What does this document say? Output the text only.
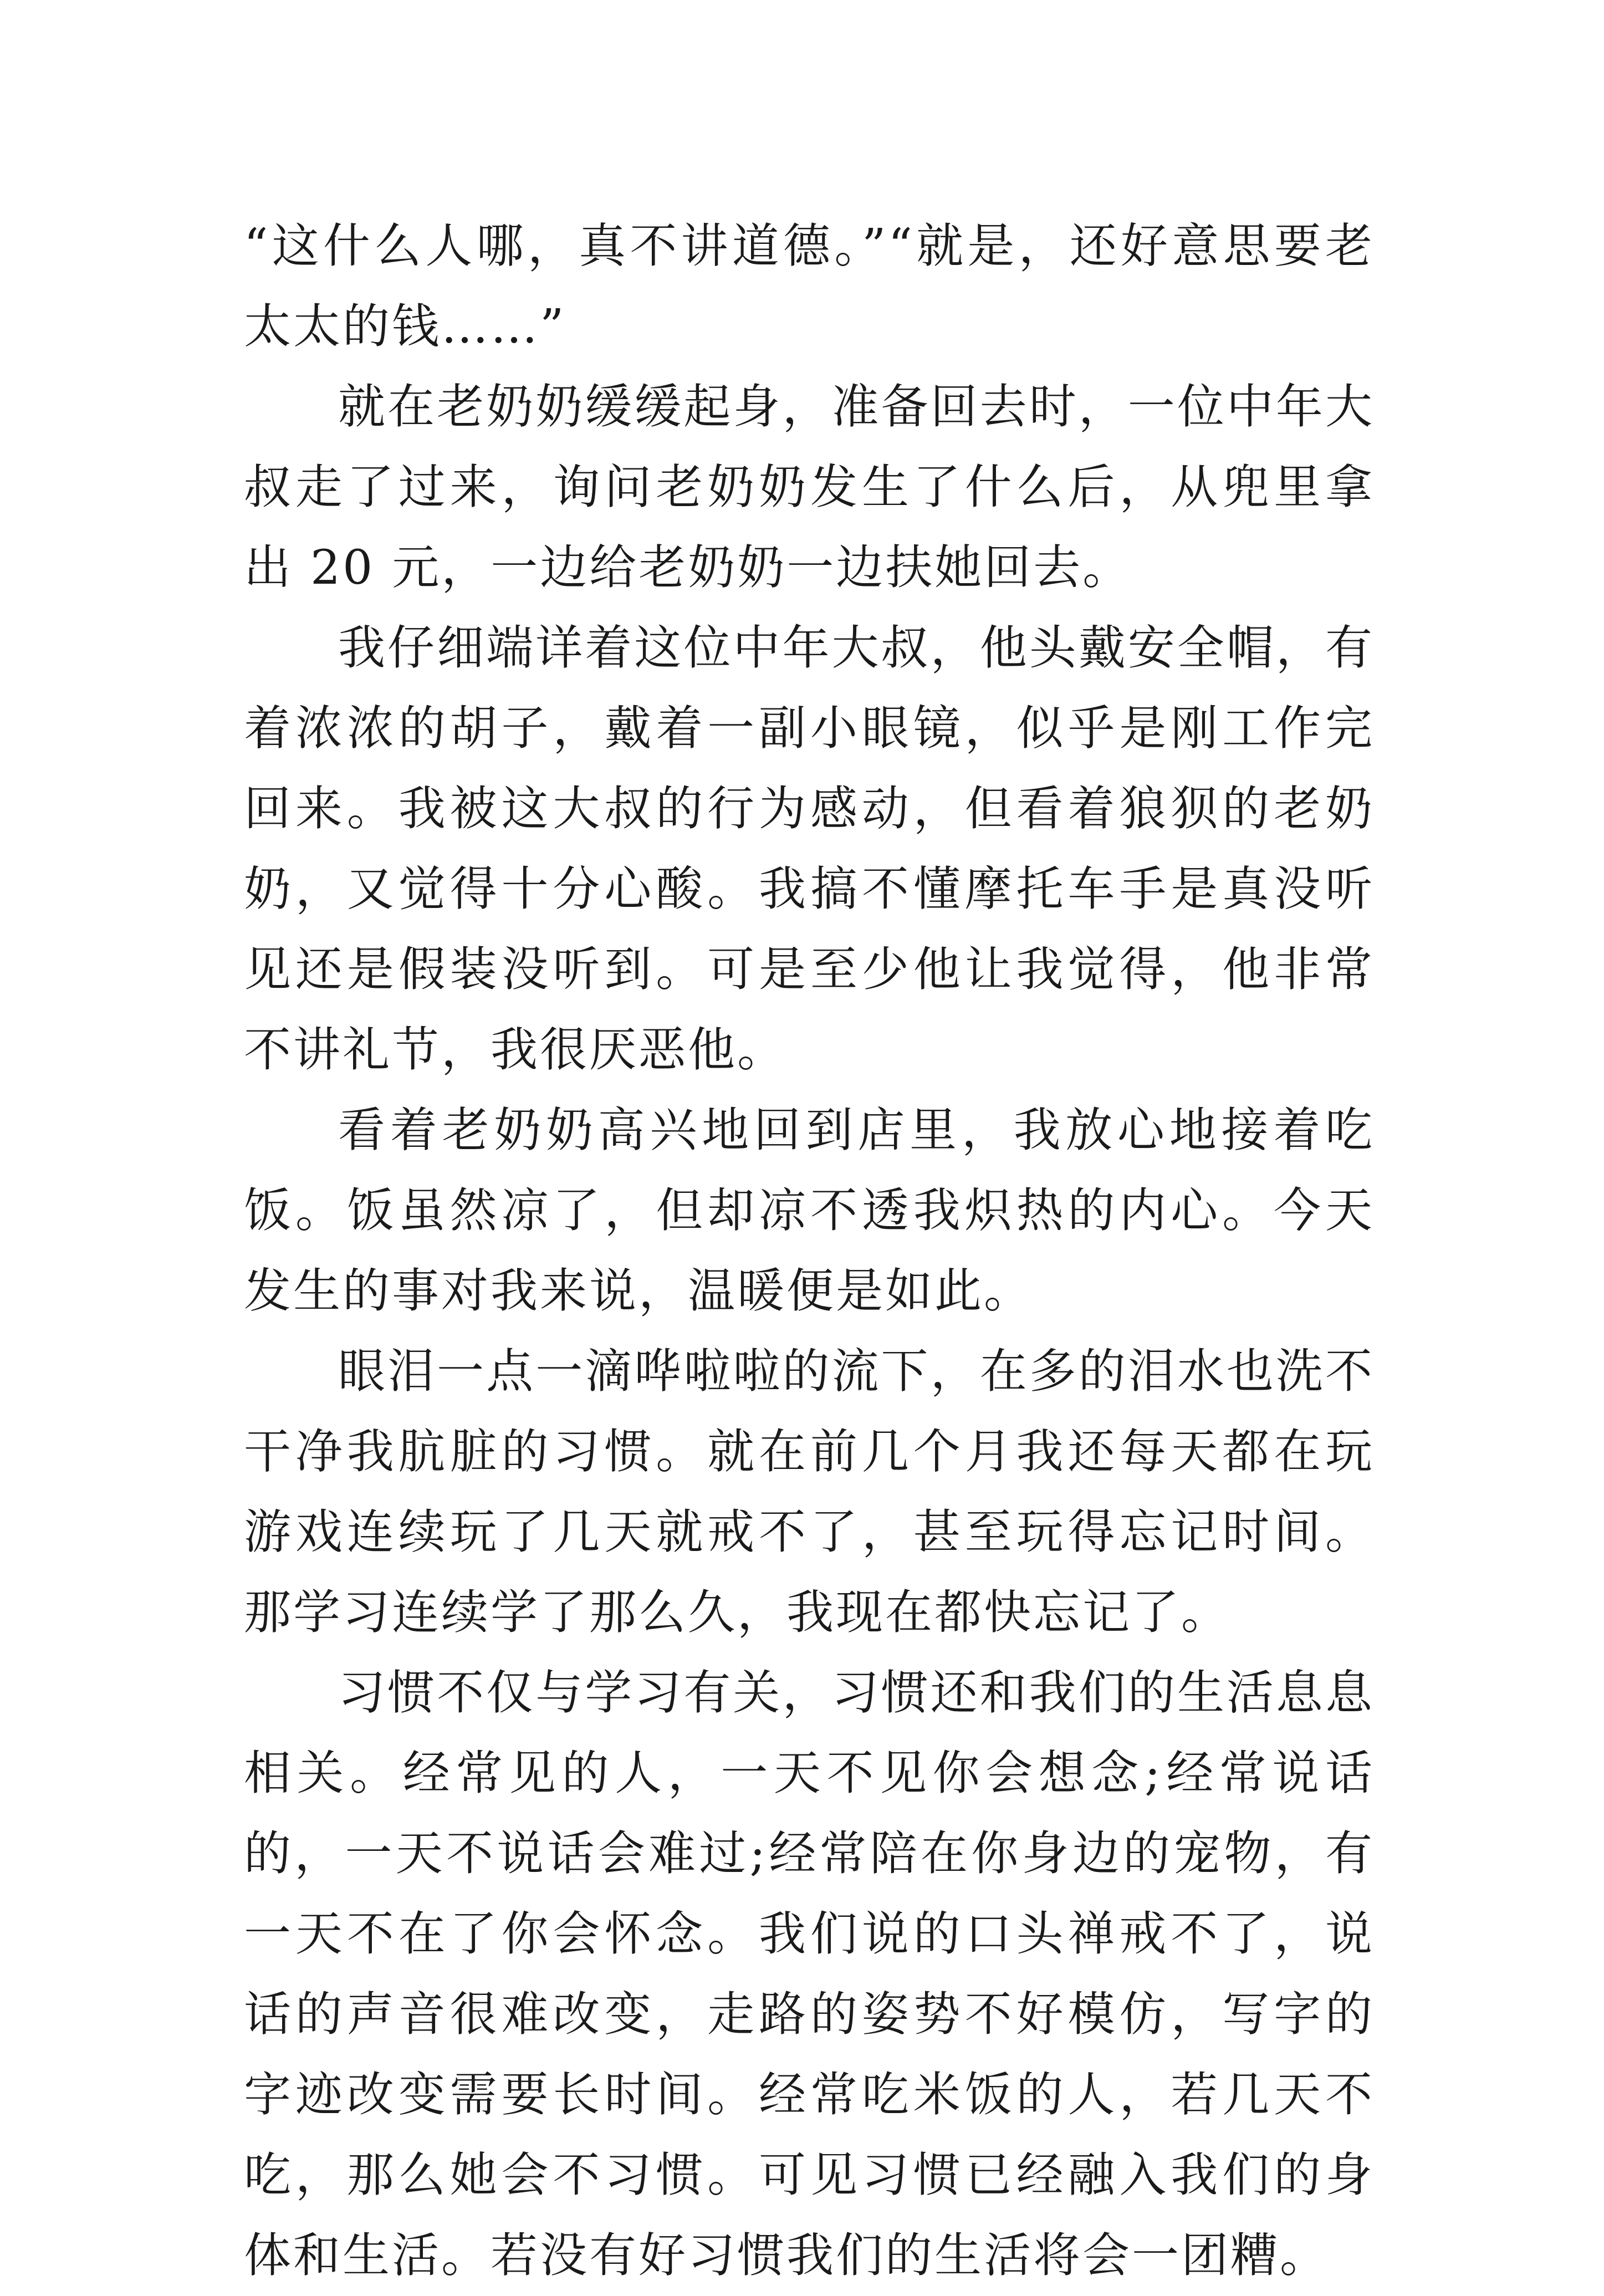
“这什么人哪，真不讲道德。”“就是，还好意思要老太太的钱……”

就在老奶奶缓缓起身，准备回去时，一位中年大叔走了过来，询问老奶奶发生了什么后，从兜里拿出 20 元，一边给老奶奶一边扶她回去。

我仔细端详着这位中年大叔，他头戴安全帽，有着浓浓的胡子，戴着一副小眼镜，似乎是刚工作完回来。我被这大叔的行为感动，但看着狼狈的老奶奶，又觉得十分心酸。我搞不懂摩托车手是真没听见还是假装没听到。可是至少他让我觉得，他非常不讲礼节，我很厌恶他。

看着老奶奶高兴地回到店里，我放心地接着吃饭。饭虽然凉了，但却凉不透我炽热的内心。今天发生的事对我来说，温暖便是如此。

眼泪一点一滴哗啦啦的流下，在多的泪水也洗不干净我肮脏的习惯。就在前几个月我还每天都在玩游戏连续玩了几天就戒不了，甚至玩得忘记时间。那学习连续学了那么久，我现在都快忘记了。

习惯不仅与学习有关，习惯还和我们的生活息息相关。经常见的人，一天不见你会想念;经常说话的，一天不说话会难过;经常陪在你身边的宠物，有一天不在了你会怀念。我们说的口头禅戒不了，说话的声音很难改变，走路的姿势不好模仿，写字的字迹改变需要长时间。经常吃米饭的人，若几天不吃，那么她会不习惯。可见习惯已经融入我们的身体和生活。若没有好习惯我们的生活将会一团糟。
